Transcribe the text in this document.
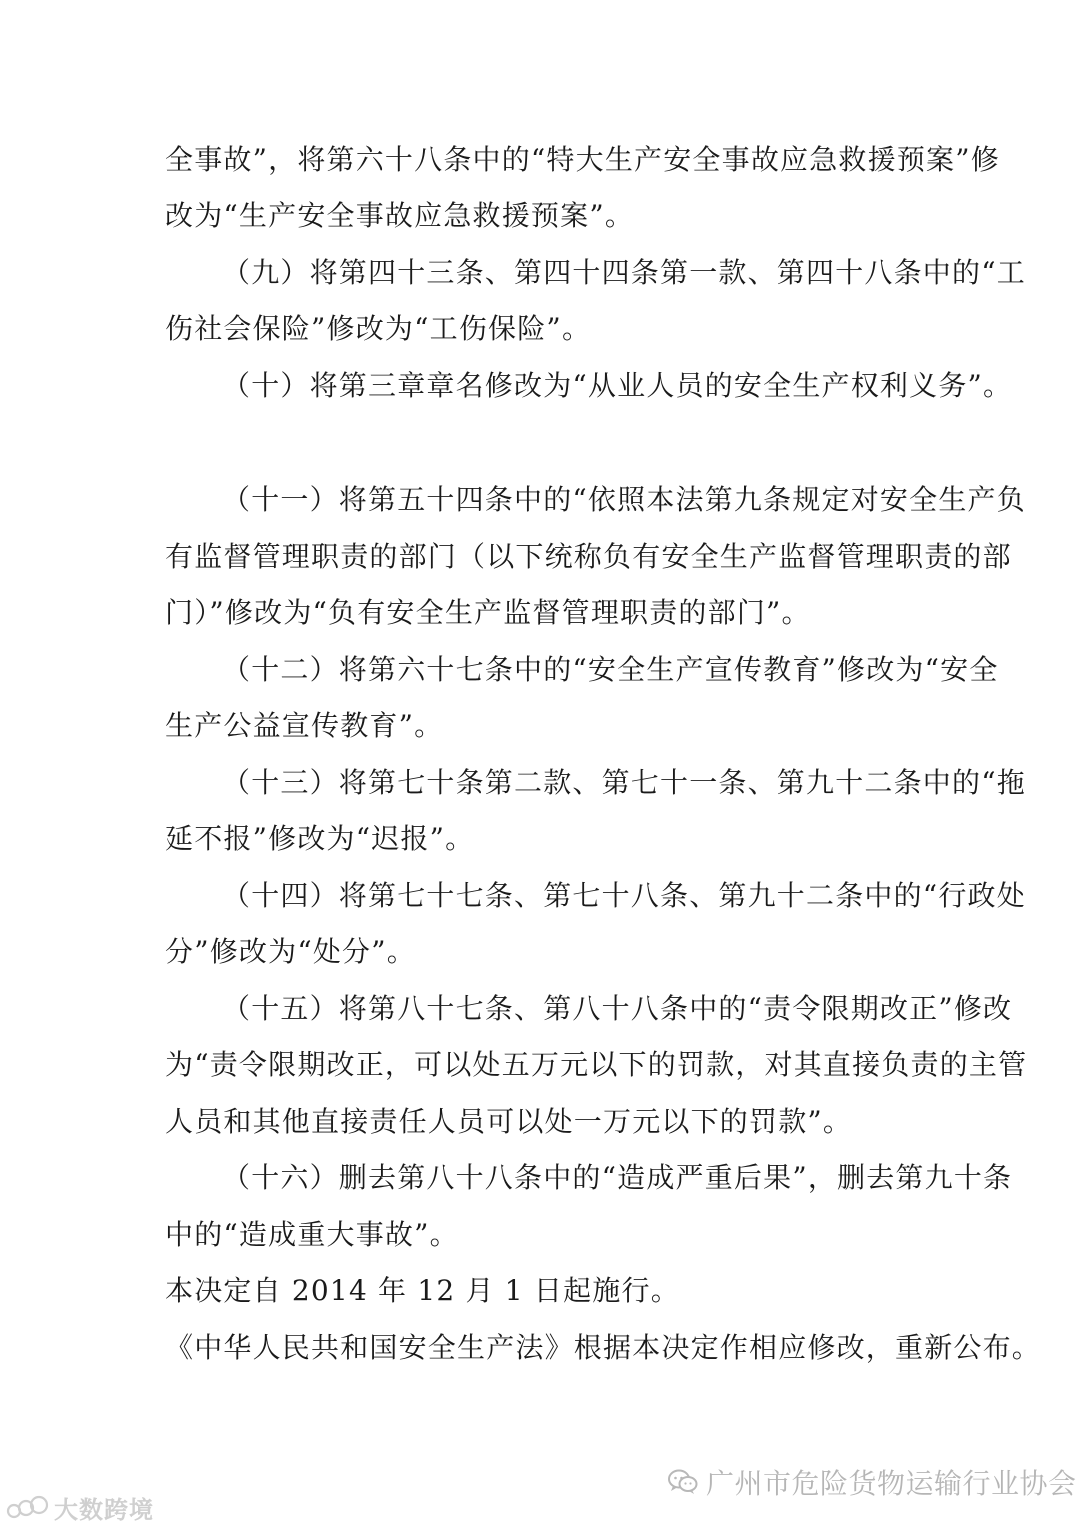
全事故”，将第六十八条中的“特大生产安全事故应急救援预案”修
改为“生产安全事故应急救援预案”。
（九）将第四十三条、第四十四条第一款、第四十八条中的“工
伤社会保险”修改为“工伤保险”。
（十）将第三章章名修改为“从业人员的安全生产权利义务”。
（十一）将第五十四条中的“依照本法第九条规定对安全生产负
有监督管理职责的部门（以下统称负有安全生产监督管理职责的部
门）”修改为“负有安全生产监督管理职责的部门”。
（十二）将第六十七条中的“安全生产宣传教育”修改为“安全
生产公益宣传教育”。
（十三）将第七十条第二款、第七十一条、第九十二条中的“拖
延不报”修改为“迟报”。
（十四）将第七十七条、第七十八条、第九十二条中的“行政处
分”修改为“处分”。
（十五）将第八十七条、第八十八条中的“责令限期改正”修改
为“责令限期改正，可以处五万元以下的罚款，对其直接负责的主管
人员和其他直接责任人员可以处一万元以下的罚款”。
（十六）删去第八十八条中的“造成严重后果”，删去第九十条
中的“造成重大事故”。
本决定自 2014 年 12 月 1 日起施行。
《中华人民共和国安全生产法》根据本决定作相应修改，重新公布。
广州市危险货物运输行业协会
大数跨境
